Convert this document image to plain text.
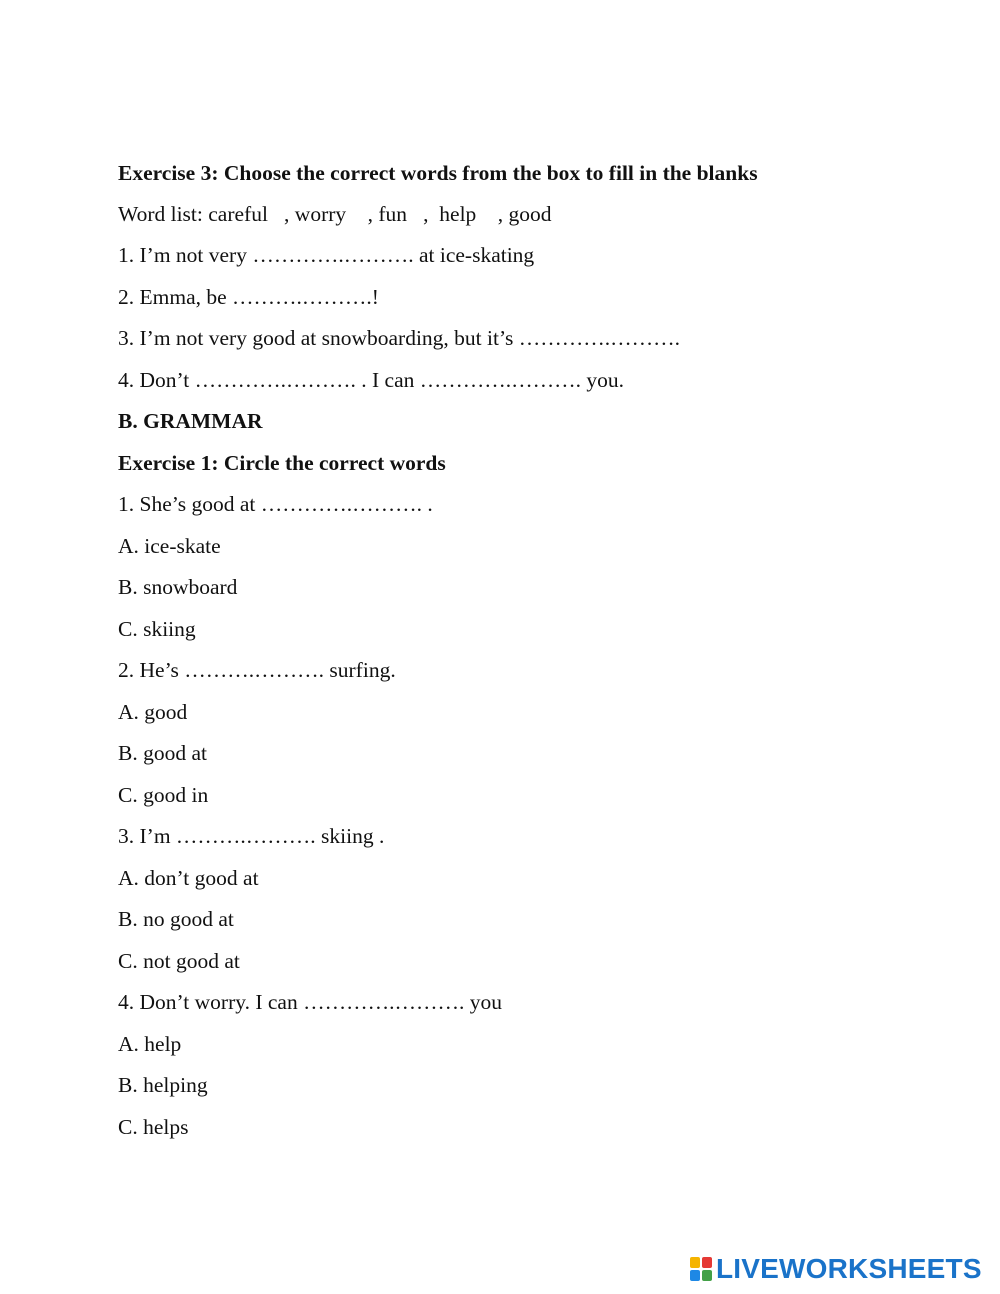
Exercise 3: Choose the correct words from the box to fill in the blanks
Word list: careful   , worry    , fun   ,  help    , good
1. I’m not very ………….………. at ice-skating
2. Emma, be ……….……….!
3. I’m not very good at snowboarding, but it’s ………….……….
4. Don’t ………….………. . I can ………….………. you.
B. GRAMMAR
Exercise 1: Circle the correct words
1. She’s good at ………….………. .
A. ice-skate
B. snowboard
C. skiing
2. He’s ……….………. surfing.
A. good
B. good at
C. good in
3. I’m ……….………. skiing .
A. don’t good at
B. no good at
C. not good at
4. Don’t worry. I can ………….………. you
A. help
B. helping
C. helps
LIVEWORKSHEETS
